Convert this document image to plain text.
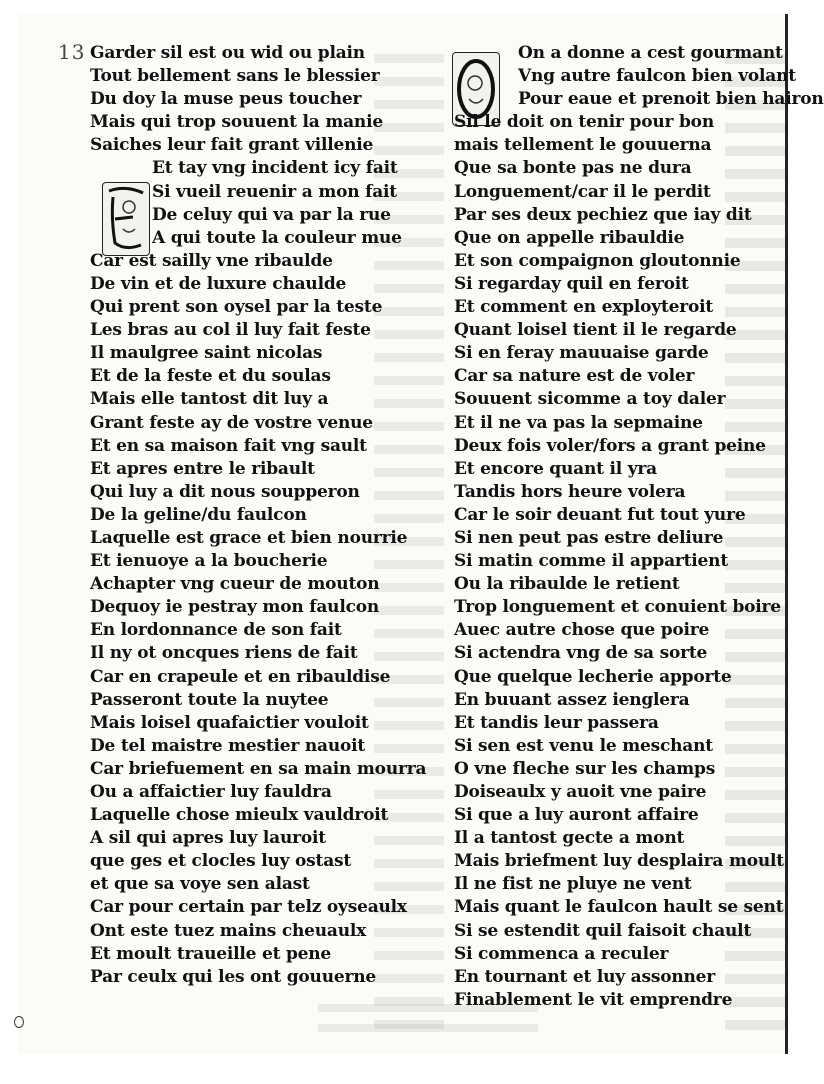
13 Garder sil est ou wid ou plain
Tout bellement sans le blessier
Du doy la muse peus toucher
Mais qui trop souuent la manie
Saiches leur fait grant villenie
Et tay vng incident icy fait
Si vueil reuenir a mon fait
De celuy qui va par la rue
A qui toute la couleur mue
Car est sailly vne ribaulde
De vin et de luxure chaulde
Qui prent son oysel par la teste
Les bras au col il luy fait feste
Il maulgree saint nicolas
Et de la feste et du soulas
Mais elle tantost dit luy a
Grant feste ay de vostre venue
Et en sa maison fait vng sault
Et apres entre le ribault
Qui luy a dit nous soupperon
De la geline/du faulcon
Laquelle est grace et bien nourrie
Et ienuoye a la boucherie
Achapter vng cueur de mouton
Dequoy ie pestray mon faulcon
En lordonnance de son fait
Il ny ot oncques riens de fait
Car en crapeule et en ribauldise
Passeront toute la nuytee
Mais loisel quafaictier vouloit
De tel maistre mestier nauoit
Car briefuement en sa main mourra
Ou a affaictier luy fauldra
Laquelle chose mieulx vauldroit
A sil qui apres luy lauroit
que ges et clocles luy ostast
et que sa voye sen alast
Car pour certain par telz oyseaulx
Ont este tuez mains cheuaulx
Et moult traueille et pene
Par ceulx qui les ont gouuerne
On a donne a cest gourmant
Vng autre faulcon bien volant
Pour eaue et prenoit bien hairon
Sil le doit on tenir pour bon
mais tellement le gouuerna
Que sa bonte pas ne dura
Longuement/car il le perdit
Par ses deux pechiez que iay dit
Que on appelle ribauldie
Et son compaignon gloutonnie
Si regarday quil en feroit
Et comment en exployteroit
Quant loisel tient il le regarde
Si en feray mauuaise garde
Car sa nature est de voler
Souuent sicomme a toy daler
Et il ne va pas la sepmaine
Deux fois voler/fors a grant peine
Et encore quant il yra
Tandis hors heure volera
Car le soir deuant fut tout yure
Si nen peut pas estre deliure
Si matin comme il appartient
Ou la ribaulde le retient
Trop longuement et conuient boire
Auec autre chose que poire
Si actendra vng de sa sorte
Que quelque lecherie apporte
En buuant assez ienglera
Et tandis leur passera
Si sen est venu le meschant
O vne fleche sur les champs
Doiseaulx y auoit vne paire
Si que a luy auront affaire
Il a tantost gecte a mont
Mais briefment luy desplaira moult
Il ne fist ne pluye ne vent
Mais quant le faulcon hault se sent
Si se estendit quil faisoit chault
Si commenca a reculer
En tournant et luy assonner
Finablement le vit emprendre
